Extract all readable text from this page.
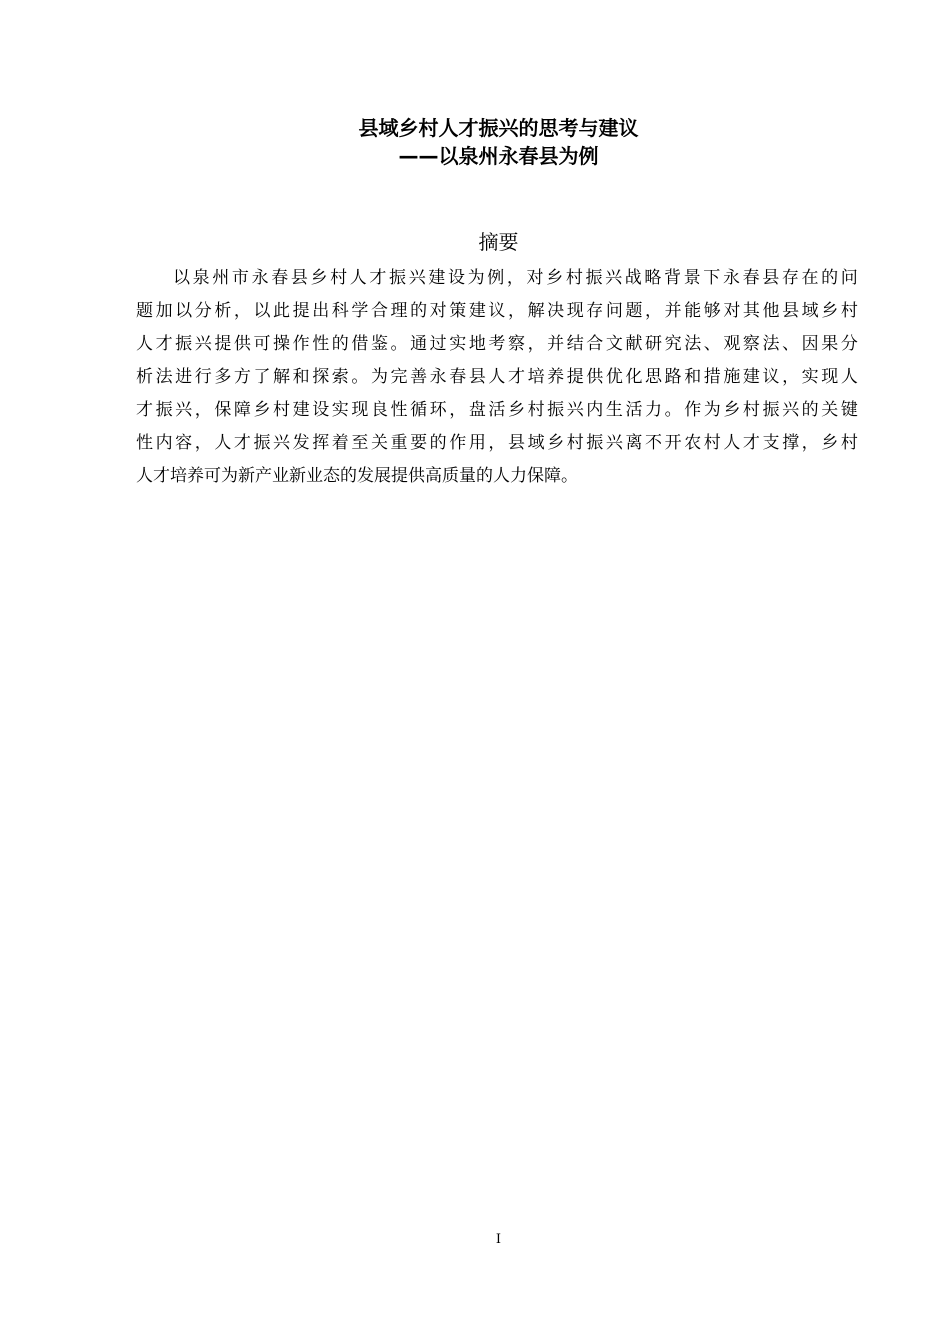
县域乡村人才振兴的思考与建议
——以泉州永春县为例
摘要
以 泉 州 市 永 春 县 乡 村 人 才 振 兴 建 设 为 例 ， 对 乡 村 振 兴 战 略 背 景 下 永 春 县 存 在 的 问
题 加 以 分 析 ， 以 此 提 出 科 学 合 理 的 对 策 建 议 ， 解 决 现 存 问 题 ， 并 能 够 对 其 他 县 域 乡 村
人 才 振 兴 提 供 可 操 作 性 的 借 鉴 。 通 过 实 地 考 察 ， 并 结 合 文 献 研 究 法 、 观 察 法 、 因 果 分
析 法 进 行 多 方 了 解 和 探 索 。 为 完 善 永 春 县 人 才 培 养 提 供 优 化 思 路 和 措 施 建 议 ， 实 现 人
才 振 兴 ， 保 障 乡 村 建 设 实 现 良 性 循 环 ， 盘 活 乡 村 振 兴 内 生 活 力 。 作 为 乡 村 振 兴 的 关 键
性 内 容 ， 人 才 振 兴 发 挥 着 至 关 重 要 的 作 用 ， 县 域 乡 村 振 兴 离 不 开 农 村 人 才 支 撑 ， 乡 村
人才培养可为新产业新业态的发展提供高质量的人力保障。
I
